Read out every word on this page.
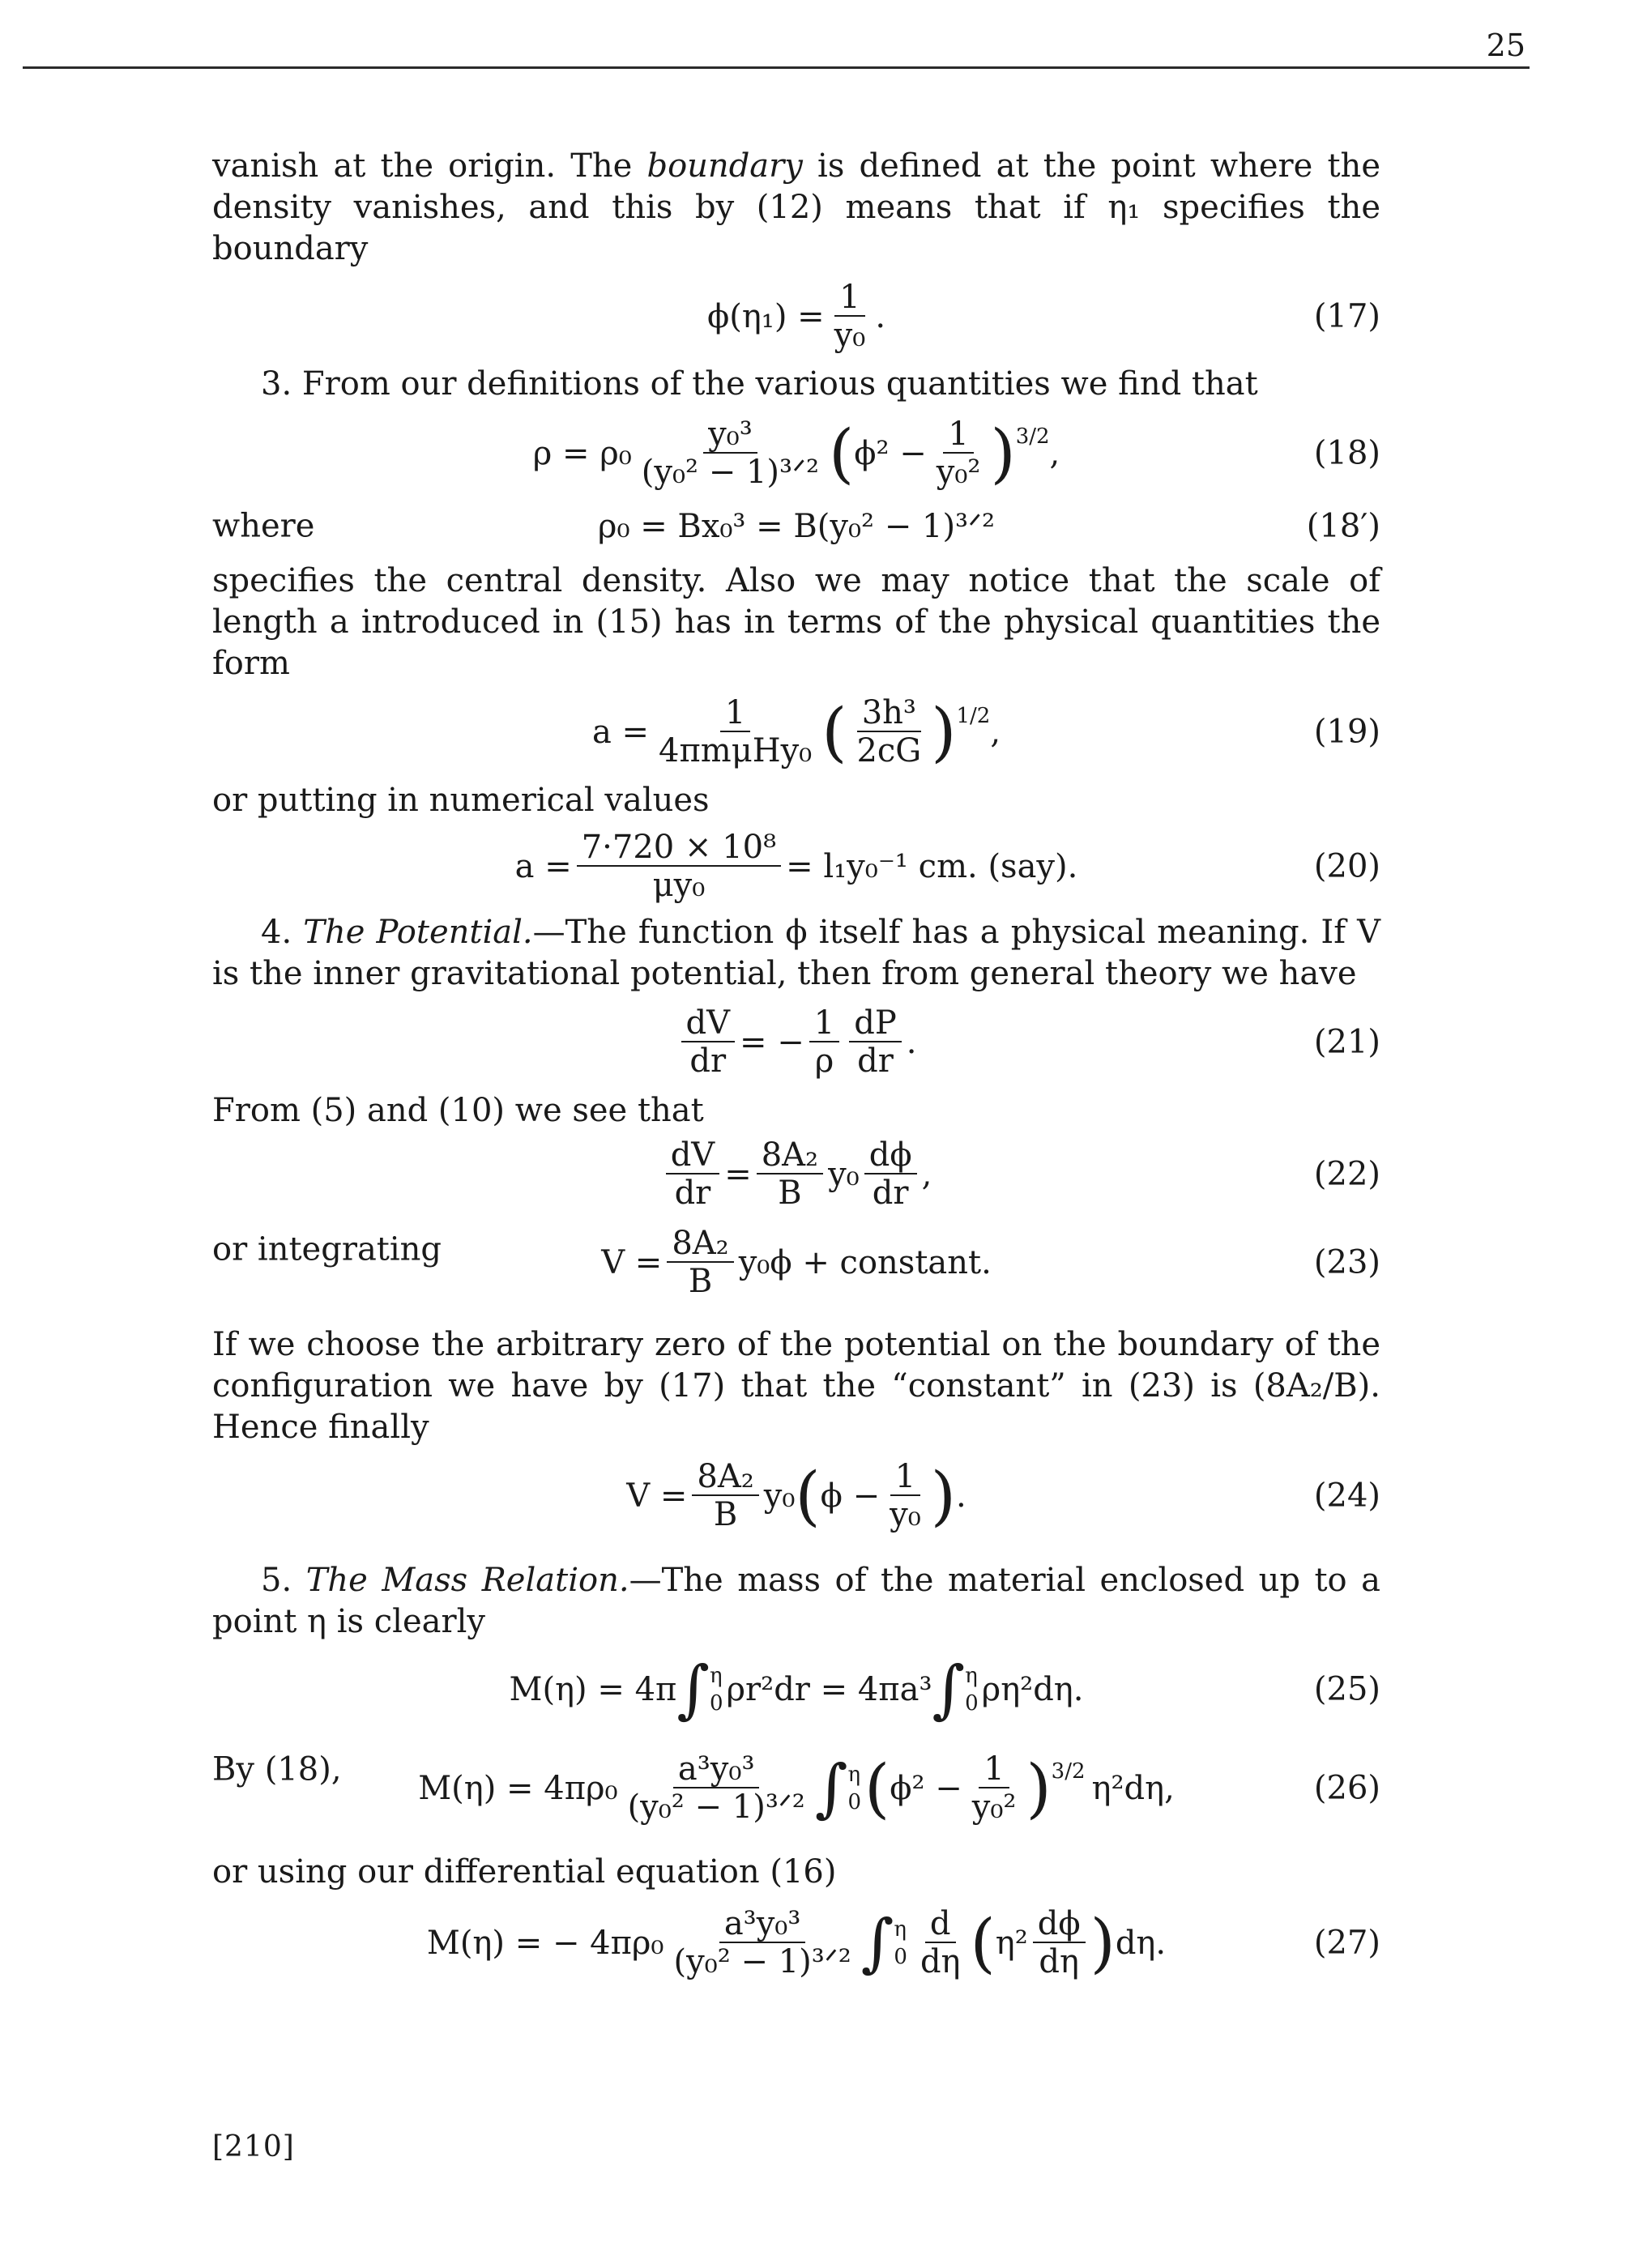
25

vanish at the origin. The boundary is defined at the point where the density vanishes, and this by (12) means that if η₁ specifies the boundary

$\phi(\eta_1) = \frac{1}{\text{y₀}}$ .	(17)

3. From our definitions of the various quantities we find that

$\rho = \rho_0 \frac{\text{y₀³}}{\text{(y₀² − 1)³ᐟ²}}$ ( $\phi^2 - \frac{1}{\text{y₀²}} )^{3/2}$ ,	(18)
where	ρ₀ = Bx₀³ = B(y₀² − 1)³ᐟ²	(18′)

specifies the central density. Also we may notice that the scale of length a introduced in (15) has in terms of the physical quantities the form

$a = \frac{1}{\text{4πmμHy₀}}$ ( $\frac{\text{3h³}}{2cG} )^{1/2}$ ,	(19)

or putting in numerical values

$a = \frac{\text{7·720 × 10⁸}}{\text{μy₀}} = l_1y_0^{-1}$ cm. (say).	(20)

4. The Potential.—The function ϕ itself has a physical meaning. If V is the inner gravitational potential, then from general theory we have

$\frac{dV}{dr}$ = − $\frac{1}{\rho} \frac{dP}{dr}$ .	(21)

From (5) and (10) we see that

$\frac{dV}{dr} = \frac{\text{8A₂}}{B} y_0 \frac{d\phi}{dr}$ ,	(22)
or integrating	$V = \frac{\text{8A₂}}{B} y_0\phi$ + constant.	(23)

If we choose the arbitrary zero of the potential on the boundary of the configuration we have by (17) that the “constant” in (23) is (8A₂/B). Hence finally

$V = \frac{\text{8A₂}}{B} y_0$ ( $\phi - \frac{1}{\text{y₀}}$ ) .	(24)

5. The Mass Relation.—The mass of the material enclosed up to a point η is clearly

M(η) = 4π ∫ η
0 ρr²dr = 4πa³ ∫ η
0 ρη²dη.	(25)
By (18),
$M(\eta) = 4\pi\rho_0 \frac{\text{a³y₀³}}{\text{(y₀² − 1)³ᐟ²}}$ ∫ η
0 ( $\phi^2 - \frac{1}{\text{y₀²}} )^{3/2}$ η²dη,	(26)

or using our differential equation (16)

M(η) = − $4\pi\rho_0 \frac{\text{a³y₀³}}{\text{(y₀² − 1)³ᐟ²}}$ ∫ η
$0 \frac{d}{d\eta}$ ( $\eta^2 \frac{d\phi}{d\eta}$ ) dη.	(27)
[210]
